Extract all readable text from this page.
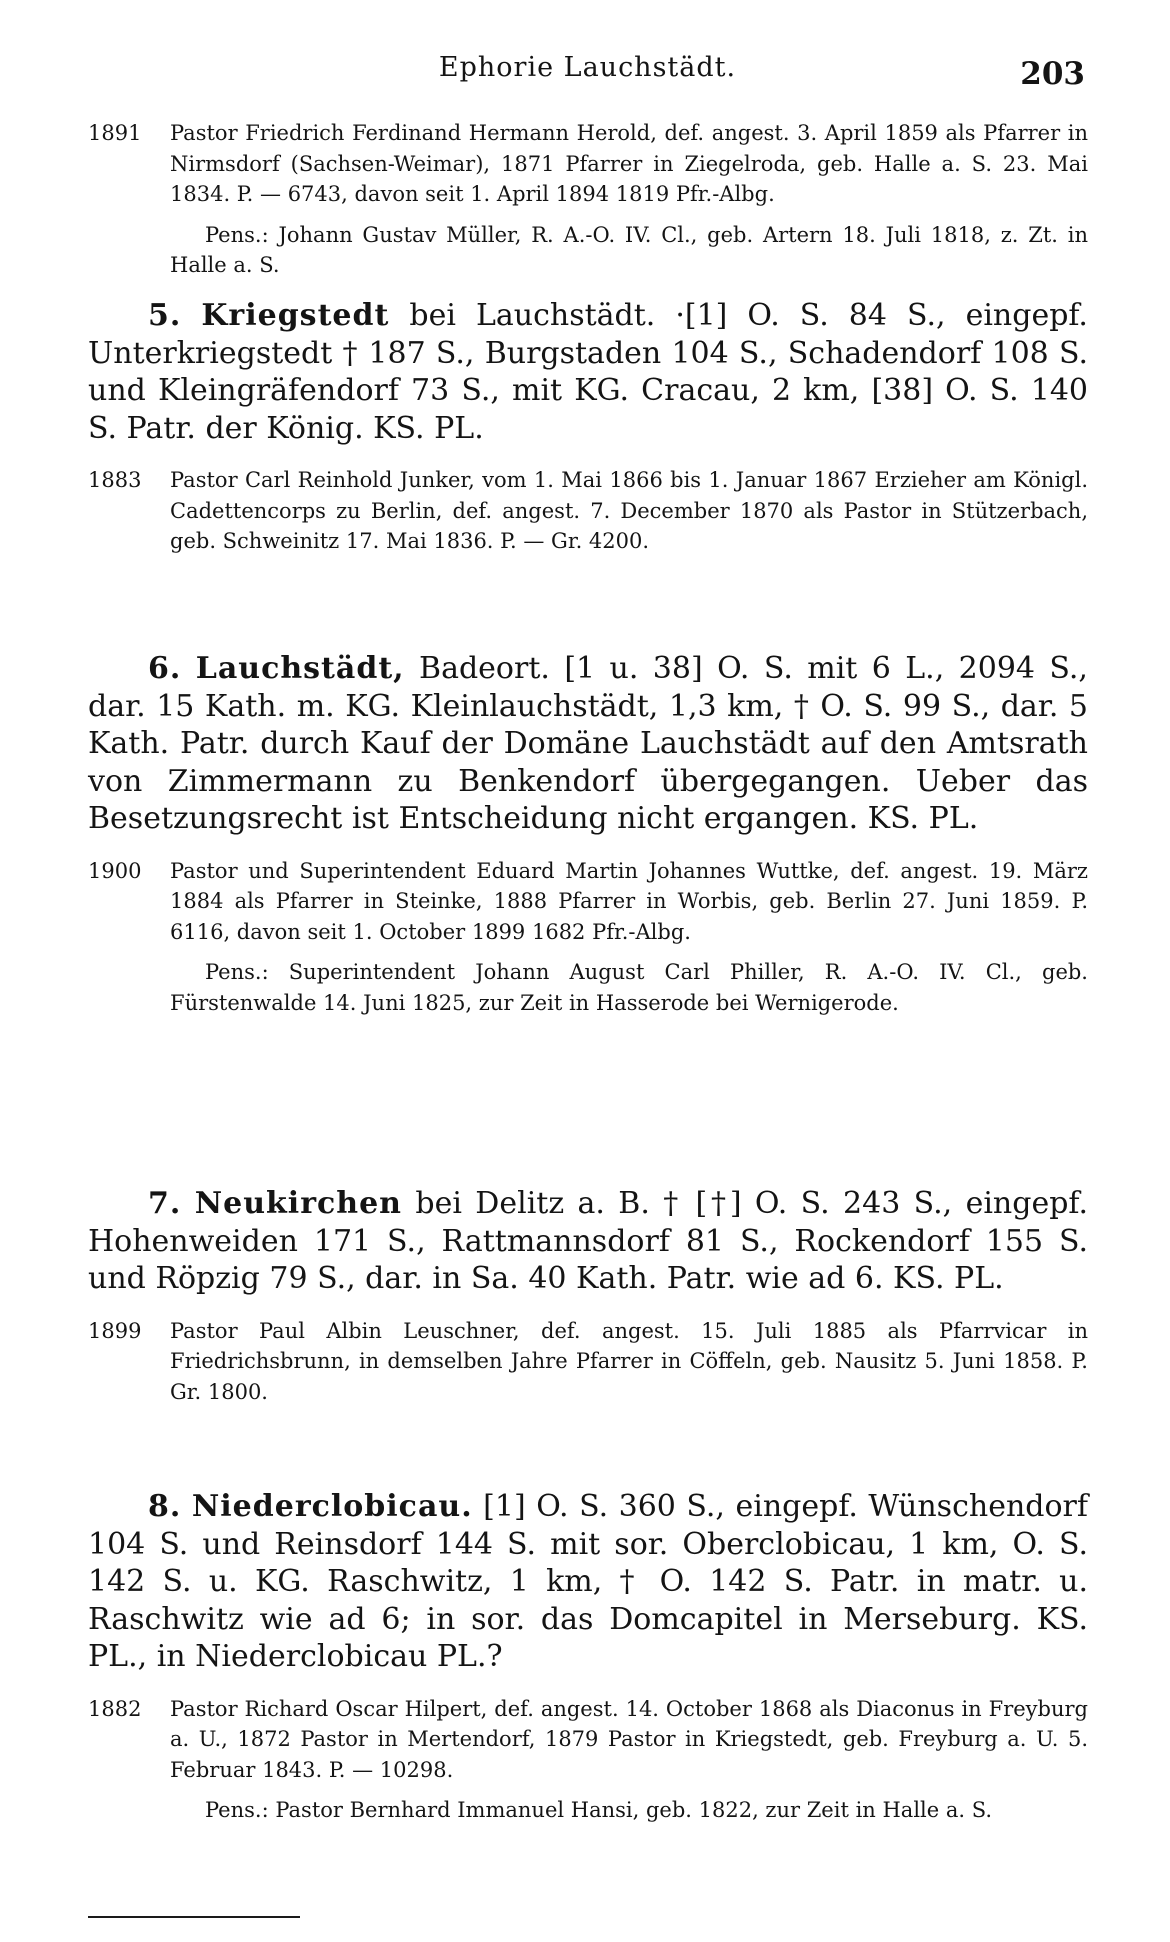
Ephorie Lauchstädt.	203
1891	Pastor Friedrich Ferdinand Hermann Herold, def. angest. 3. April 1859 als Pfarrer in Nirmsdorf (Sachsen-Weimar), 1871 Pfarrer in Ziegelroda, geb. Halle a. S. 23. Mai 1834. P. — 6743, davon seit 1. April 1894 1819 Pfr.-Albg.
Pens.: Johann Gustav Müller, R. A.-O. IV. Cl., geb. Artern 18. Juli 1818, z. Zt. in Halle a. S.
5. Kriegstedt bei Lauchstädt. ·[1] O. S. 84 S., eingepf. Unterkriegstedt † 187 S., Burgstaden 104 S., Schadendorf 108 S. und Kleingräfendorf 73 S., mit KG. Cracau, 2 km, [38] O. S. 140 S. Patr. der König. KS. PL.
1883	Pastor Carl Reinhold Junker, vom 1. Mai 1866 bis 1. Januar 1867 Erzieher am Königl. Cadettencorps zu Berlin, def. angest. 7. December 1870 als Pastor in Stützerbach, geb. Schweinitz 17. Mai 1836. P. — Gr. 4200.
6. Lauchstädt, Badeort. [1 u. 38] O. S. mit 6 L., 2094 S., dar. 15 Kath. m. KG. Kleinlauchstädt, 1,3 km, † O. S. 99 S., dar. 5 Kath. Patr. durch Kauf der Domäne Lauchstädt auf den Amtsrath von Zimmermann zu Benkendorf übergegangen. Ueber das Besetzungsrecht ist Entscheidung nicht ergangen. KS. PL.
1900	Pastor und Superintendent Eduard Martin Johannes Wuttke, def. angest. 19. März 1884 als Pfarrer in Steinke, 1888 Pfarrer in Worbis, geb. Berlin 27. Juni 1859. P. 6116, davon seit 1. October 1899 1682 Pfr.-Albg.
Pens.: Superintendent Johann August Carl Philler, R. A.-O. IV. Cl., geb. Fürstenwalde 14. Juni 1825, zur Zeit in Hasserode bei Wernigerode.
7. Neukirchen bei Delitz a. B. † [†] O. S. 243 S., eingepf. Hohenweiden 171 S., Rattmannsdorf 81 S., Rockendorf 155 S. und Röpzig 79 S., dar. in Sa. 40 Kath. Patr. wie ad 6. KS. PL.
1899	Pastor Paul Albin Leuschner, def. angest. 15. Juli 1885 als Pfarrvicar in Friedrichsbrunn, in demselben Jahre Pfarrer in Cöffeln, geb. Nausitz 5. Juni 1858. P. Gr. 1800.
8. Niederclobicau. [1] O. S. 360 S., eingepf. Wünschendorf 104 S. und Reinsdorf 144 S. mit sor. Oberclobicau, 1 km, O. S. 142 S. u. KG. Raschwitz, 1 km, † O. 142 S. Patr. in matr. u. Raschwitz wie ad 6; in sor. das Domcapitel in Merseburg. KS. PL., in Niederclobicau PL.?
1882	Pastor Richard Oscar Hilpert, def. angest. 14. October 1868 als Diaconus in Freyburg a. U., 1872 Pastor in Mertendorf, 1879 Pastor in Kriegstedt, geb. Freyburg a. U. 5. Februar 1843. P. — 10298.
Pens.: Pastor Bernhard Immanuel Hansi, geb. 1822, zur Zeit in Halle a. S.
